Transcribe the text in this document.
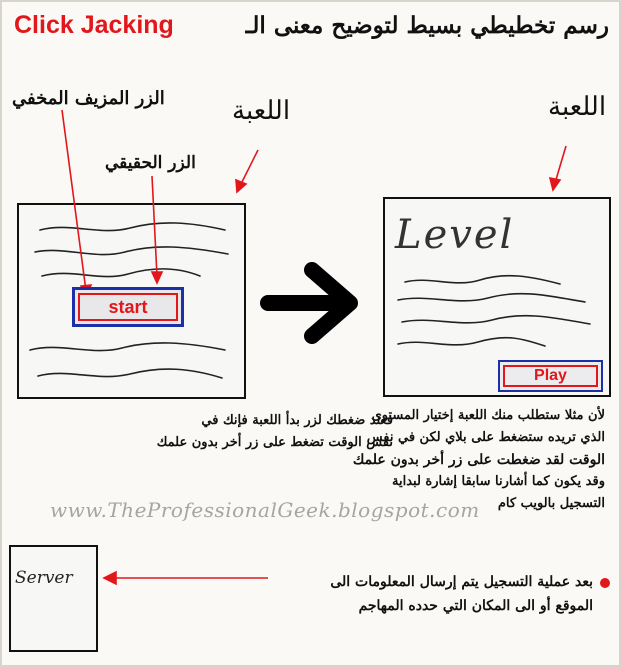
رسم تخطيطي بسيط لتوضيح معنى الـ
Click Jacking
الزر المزيف المخفي
الزر الحقيقي
اللعبة	اللعبة
start
Level
Play
فعند ضغطك لزر بدأ اللعبة فإنك في
نفس الوقت تضغط على زر أخر بدون علمك
لأن مثلا ستطلب منك اللعبة إختيار المستوى
الذي تريده ستضغط على بلاي لكن في نفس
الوقت لقد ضغطت على زر أخر بدون علمك
وقد يكون كما أشارنا سابقا إشارة لبداية
التسجيل بالويب كام
www.TheProfessionalGeek.blogspot.com
Server	بعد عملية التسجيل يتم إرسال المعلومات الى
الموقع أو الى المكان التي حدده المهاجم
